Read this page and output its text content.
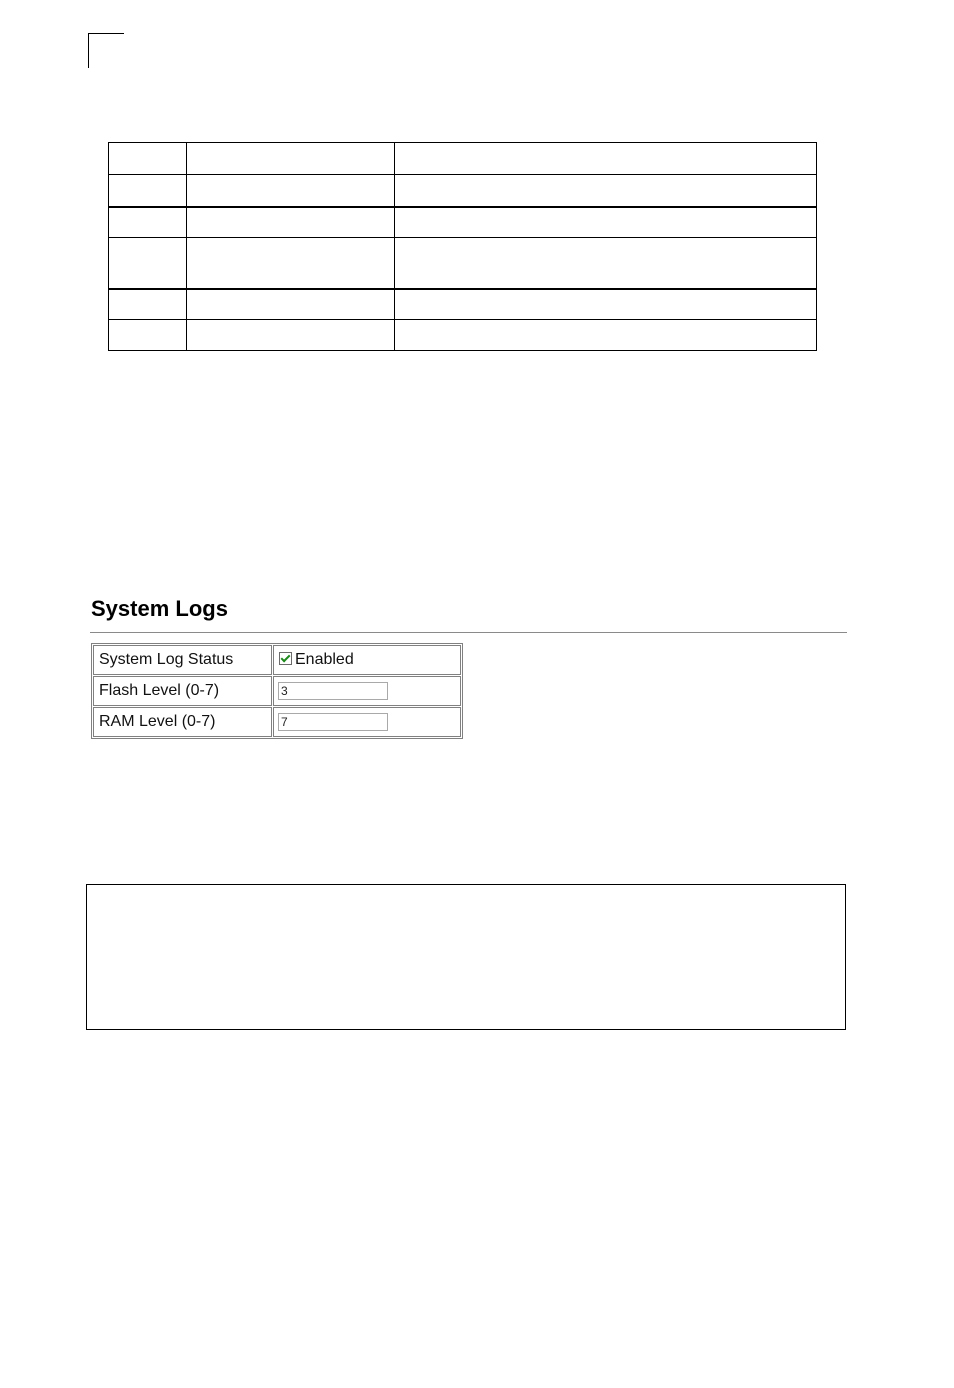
System Logs
System Log Status	Enabled
Flash Level (0-7)	3
RAM Level (0-7)	7
